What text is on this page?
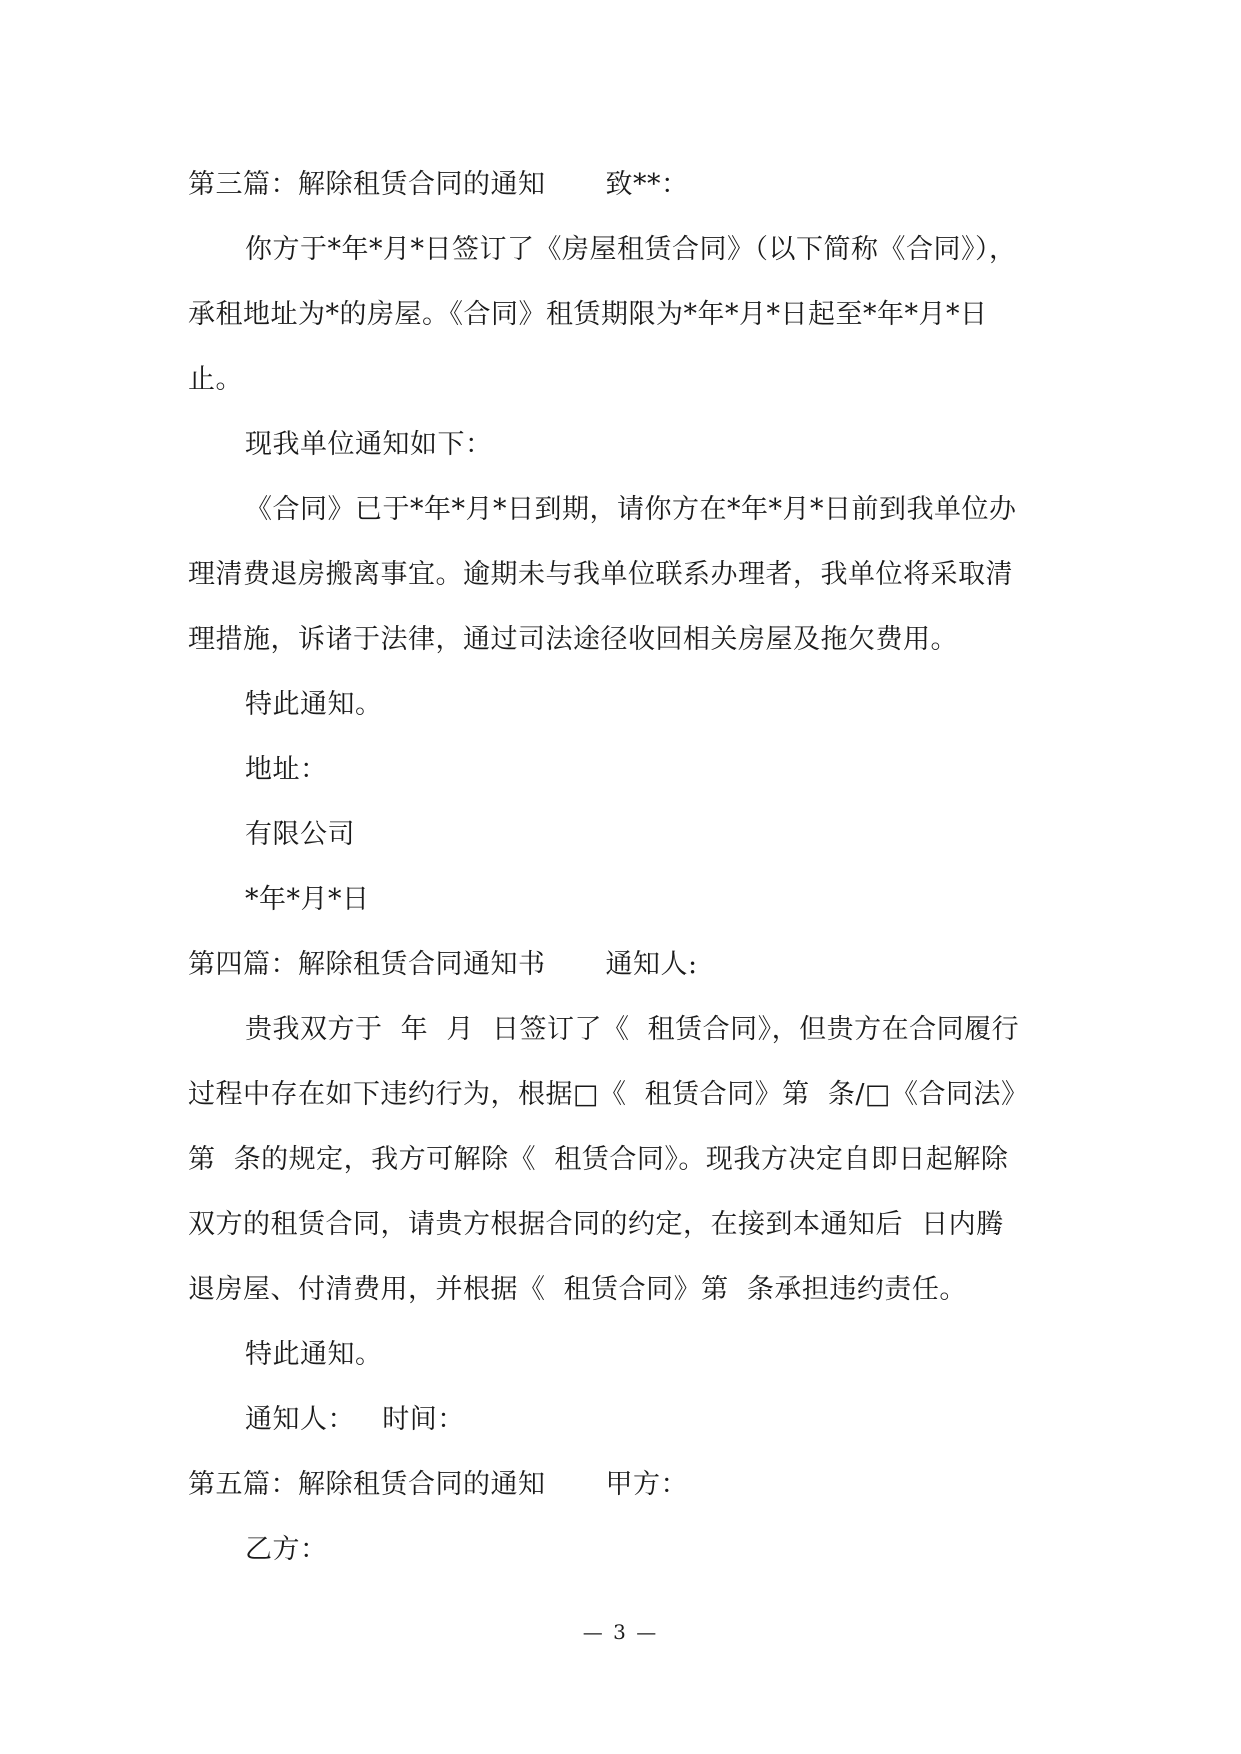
第三篇：解除租赁合同的通知 致**：
你方于*年*月*日签订了《房屋租赁合同》（以下简称《合同》），
承租地址为*的房屋。《合同》租赁期限为*年*月*日起至*年*月*日
止。
现我单位通知如下：
《合同》已于*年*月*日到期，请你方在*年*月*日前到我单位办
理清费退房搬离事宜。逾期未与我单位联系办理者，我单位将采取清
理措施，诉诸于法律，通过司法途径收回相关房屋及拖欠费用。
特此通知。
地址：
有限公司
*年*月*日
第四篇：解除租赁合同通知书 通知人:
贵我双方于  年  月  日签订了《  租赁合同》，但贵方在合同履行
过程中存在如下违约行为，根据□《  租赁合同》第  条/□《合同法》
第  条的规定，我方可解除《  租赁合同》。现我方决定自即日起解除
双方的租赁合同，请贵方根据合同的约定，在接到本通知后  日内腾
退房屋、付清费用，并根据《  租赁合同》第  条承担违约责任。
特此通知。
通知人：   时间：
第五篇：解除租赁合同的通知 甲方：
乙方：
— 3 —
